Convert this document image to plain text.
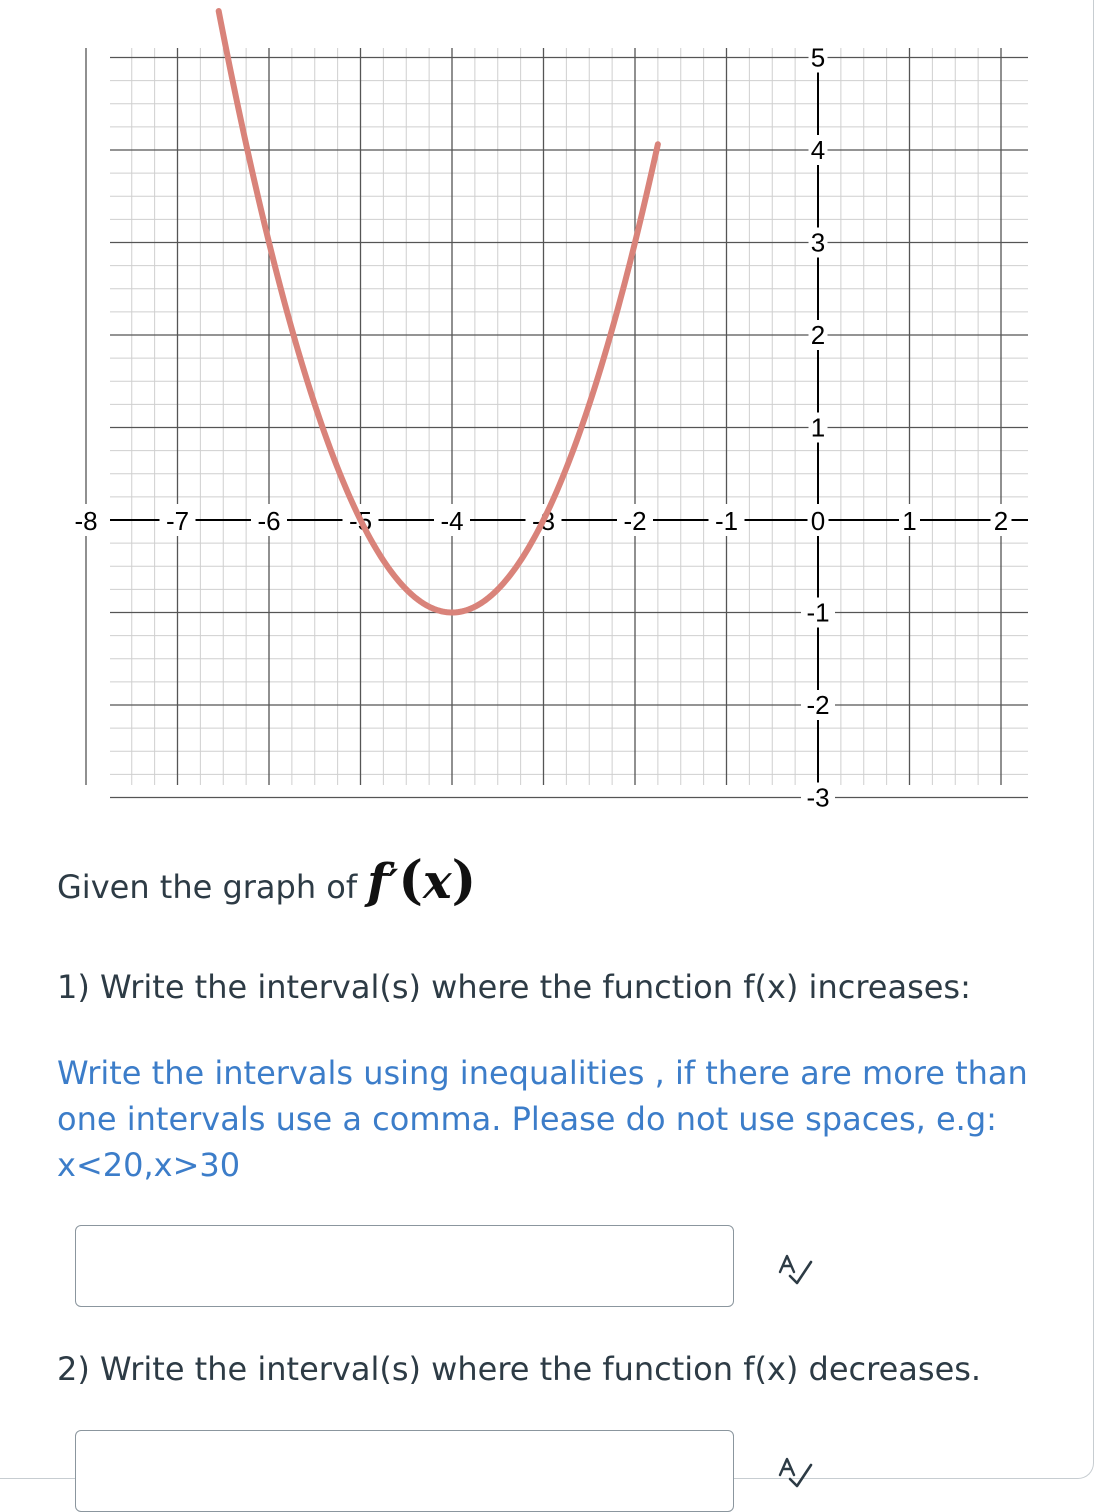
-8	-7	-6	-5	-4	-3	-2	-1	0	1	2
-3
-2
-1
1
2
3
4
5
Given the graph of f′(x)
1) Write the interval(s) where the function f(x) increases:
Write the intervals using inequalities , if there are more than one intervals use a comma. Please do not use spaces, e.g: x<20,x>30
2) Write the interval(s) where the function f(x) decreases.
